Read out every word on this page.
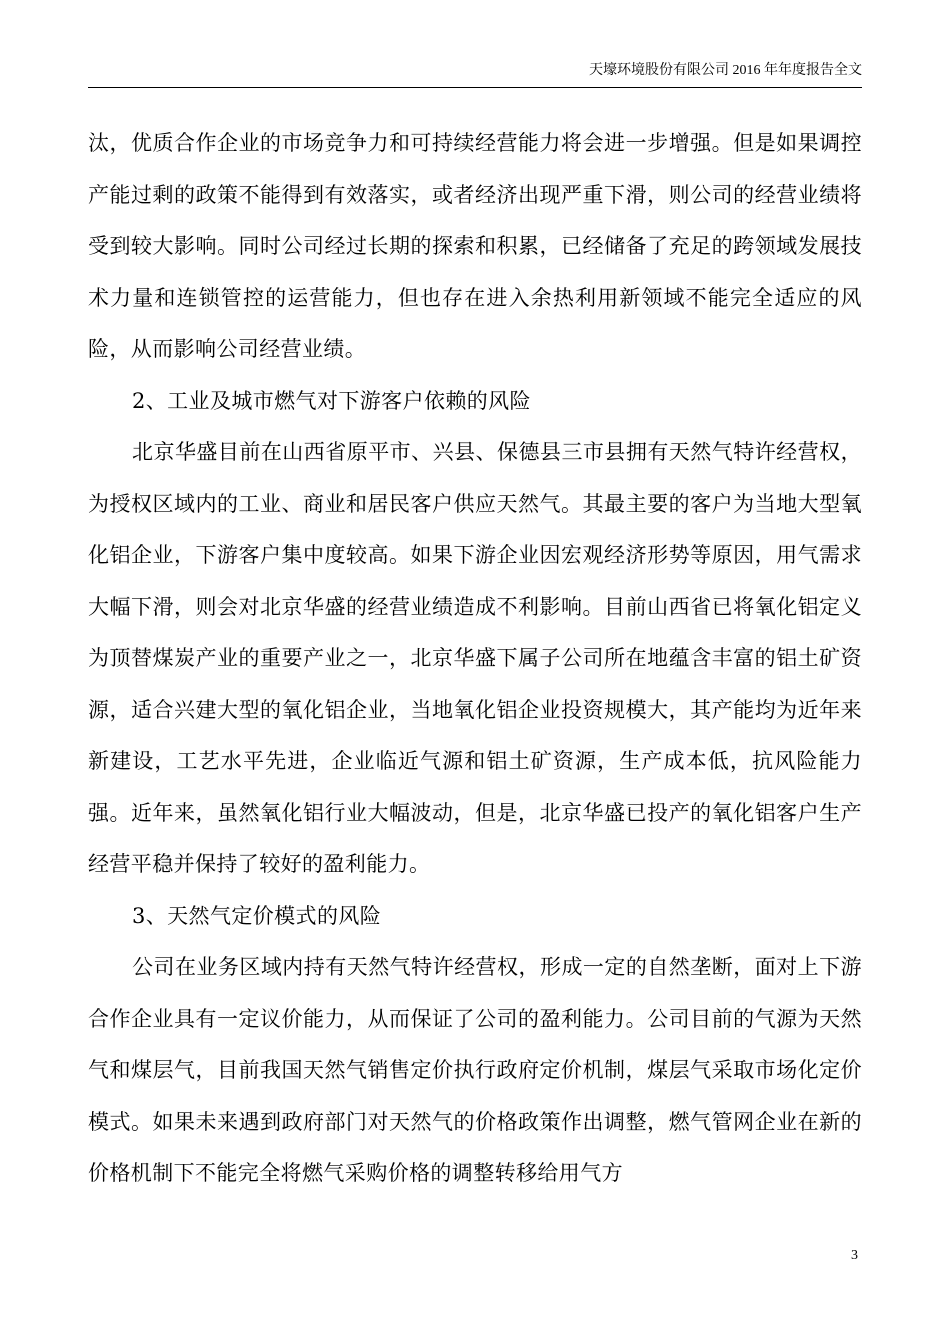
天壕环境股份有限公司 2016 年年度报告全文

汰，优质合作企业的市场竞争力和可持续经营能力将会进一步增强。但是如果调控产能过剩的政策不能得到有效落实，或者经济出现严重下滑，则公司的经营业绩将受到较大影响。同时公司经过长期的探索和积累，已经储备了充足的跨领域发展技术力量和连锁管控的运营能力，但也存在进入余热利用新领域不能完全适应的风险，从而影响公司经营业绩。

2、工业及城市燃气对下游客户依赖的风险

北京华盛目前在山西省原平市、兴县、保德县三市县拥有天然气特许经营权，为授权区域内的工业、商业和居民客户供应天然气。其最主要的客户为当地大型氧化铝企业，下游客户集中度较高。如果下游企业因宏观经济形势等原因，用气需求大幅下滑，则会对北京华盛的经营业绩造成不利影响。目前山西省已将氧化铝定义为顶替煤炭产业的重要产业之一，北京华盛下属子公司所在地蕴含丰富的铝土矿资源，适合兴建大型的氧化铝企业，当地氧化铝企业投资规模大，其产能均为近年来新建设，工艺水平先进，企业临近气源和铝土矿资源，生产成本低，抗风险能力强。近年来，虽然氧化铝行业大幅波动，但是，北京华盛已投产的氧化铝客户生产经营平稳并保持了较好的盈利能力。

3、天然气定价模式的风险

公司在业务区域内持有天然气特许经营权，形成一定的自然垄断，面对上下游合作企业具有一定议价能力，从而保证了公司的盈利能力。公司目前的气源为天然气和煤层气，目前我国天然气销售定价执行政府定价机制，煤层气采取市场化定价模式。如果未来遇到政府部门对天然气的价格政策作出调整，燃气管网企业在新的价格机制下不能完全将燃气采购价格的调整转移给用气方

3
